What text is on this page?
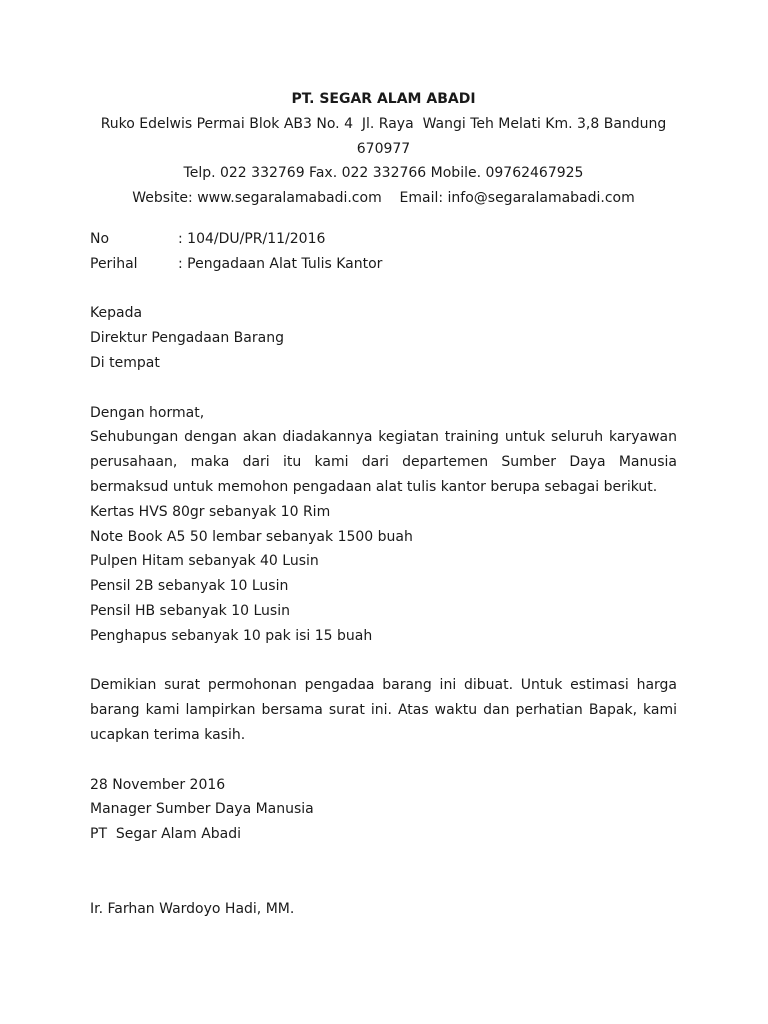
PT. SEGAR ALAM ABADI
Ruko Edelwis Permai Blok AB3 No. 4  Jl. Raya  Wangi Teh Melati Km. 3,8 Bandung
670977
Telp. 022 332769 Fax. 022 332766 Mobile. 09762467925
Website: www.segaralamabadi.com    Email: info@segaralamabadi.com
No	: 104/DU/PR/11/2016
Perihal	: Pengadaan Alat Tulis Kantor
Kepada
Direktur Pengadaan Barang
Di tempat
Dengan hormat,
Sehubungan dengan akan diadakannya kegiatan training untuk seluruh karyawan perusahaan, maka dari itu kami dari departemen Sumber Daya Manusia bermaksud untuk memohon pengadaan alat tulis kantor berupa sebagai berikut.
Kertas HVS 80gr sebanyak 10 Rim
Note Book A5 50 lembar sebanyak 1500 buah
Pulpen Hitam sebanyak 40 Lusin
Pensil 2B sebanyak 10 Lusin
Pensil HB sebanyak 10 Lusin
Penghapus sebanyak 10 pak isi 15 buah
Demikian surat permohonan pengadaa barang ini dibuat. Untuk estimasi harga barang kami lampirkan bersama surat ini. Atas waktu dan perhatian Bapak, kami ucapkan terima kasih.
28 November 2016
Manager Sumber Daya Manusia
PT  Segar Alam Abadi
Ir. Farhan Wardoyo Hadi, MM.
